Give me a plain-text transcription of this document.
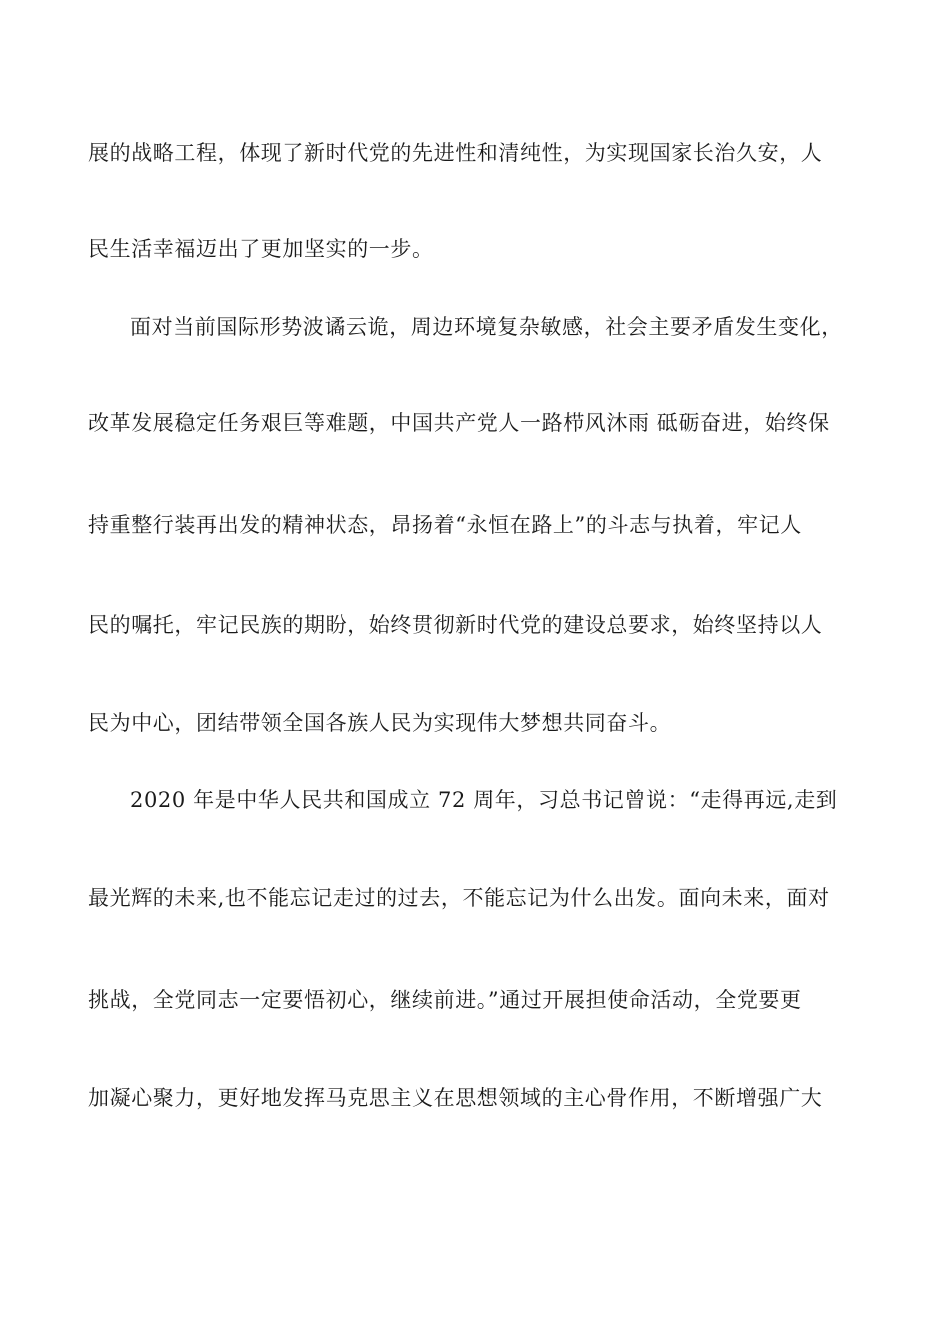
展的战略工程，体现了新时代党的先进性和清纯性，为实现国家长治久安，人

民生活幸福迈出了更加坚实的一步。

面对当前国际形势波谲云诡，周边环境复杂敏感，社会主要矛盾发生变化，

改革发展稳定任务艰巨等难题，中国共产党人一路栉风沐雨 砥砺奋进，始终保

持重整行装再出发的精神状态，昂扬着“永恒在路上”的斗志与执着，牢记人

民的嘱托，牢记民族的期盼，始终贯彻新时代党的建设总要求，始终坚持以人

民为中心，团结带领全国各族人民为实现伟大梦想共同奋斗。

2020 年是中华人民共和国成立 72 周年，习总书记曾说：“走得再远,走到

最光辉的未来,也不能忘记走过的过去，不能忘记为什么出发。面向未来，面对

挑战，全党同志一定要悟初心，继续前进。”通过开展担使命活动，全党要更

加凝心聚力，更好地发挥马克思主义在思想领域的主心骨作用，不断增强广大
